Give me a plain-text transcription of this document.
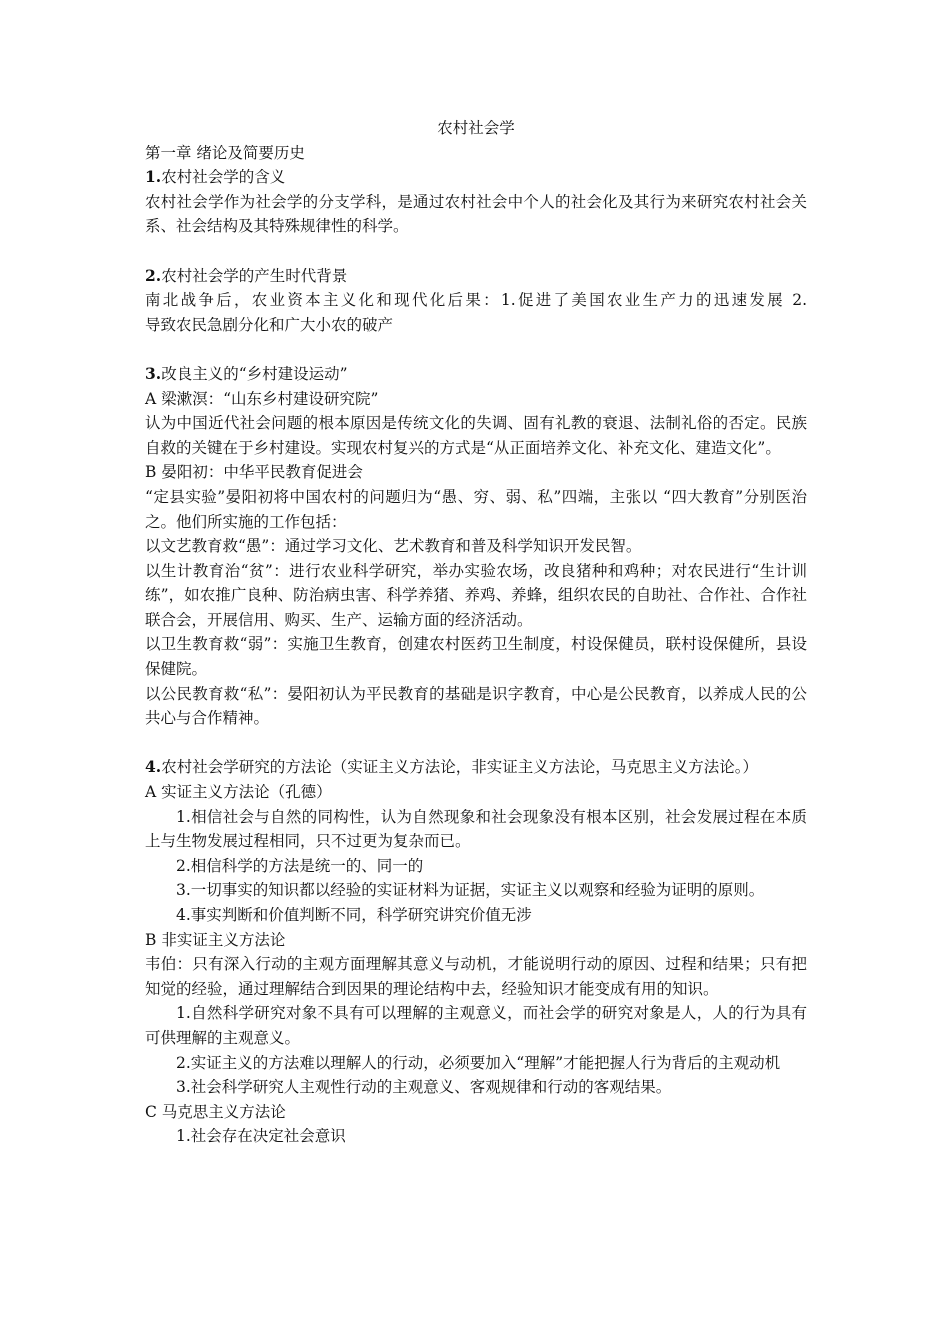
农村社会学

第一章 绪论及简要历史

1.农村社会学的含义

农村社会学作为社会学的分支学科，是通过农村社会中个人的社会化及其行为来研究农村社会关系、社会结构及其特殊规律性的科学。

2.农村社会学的产生时代背景

南北战争后，农业资本主义化和现代化后果：1.促进了美国农业生产力的迅速发展 2.

导致农民急剧分化和广大小农的破产

3.改良主义的“乡村建设运动”

A 梁漱溟：“山东乡村建设研究院”

认为中国近代社会问题的根本原因是传统文化的失调、固有礼教的衰退、法制礼俗的否定。民族自救的关键在于乡村建设。实现农村复兴的方式是“从正面培养文化、补充文化、建造文化”。

B 晏阳初：中华平民教育促进会

“定县实验”晏阳初将中国农村的问题归为“愚、穷、弱、私”四端，主张以 “四大教育”分别医治之。他们所实施的工作包括：

以文艺教育救“愚”：通过学习文化、艺术教育和普及科学知识开发民智。

以生计教育治“贫”：进行农业科学研究，举办实验农场，改良猪种和鸡种；对农民进行“生计训练”，如农推广良种、防治病虫害、科学养猪、养鸡、养蜂，组织农民的自助社、合作社、合作社联合会，开展信用、购买、生产、运输方面的经济活动。

以卫生教育救“弱”：实施卫生教育，创建农村医药卫生制度，村设保健员，联村设保健所，县设保健院。

以公民教育救“私”：晏阳初认为平民教育的基础是识字教育，中心是公民教育，以养成人民的公共心与合作精神。

4.农村社会学研究的方法论（实证主义方法论，非实证主义方法论，马克思主义方法论。）

A 实证主义方法论（孔德）

1.相信社会与自然的同构性，认为自然现象和社会现象没有根本区别，社会发展过程在本质上与生物发展过程相同，只不过更为复杂而已。

2.相信科学的方法是统一的、同一的

3.一切事实的知识都以经验的实证材料为证据，实证主义以观察和经验为证明的原则。

4.事实判断和价值判断不同，科学研究讲究价值无涉

B 非实证主义方法论

韦伯：只有深入行动的主观方面理解其意义与动机，才能说明行动的原因、过程和结果；只有把知觉的经验，通过理解结合到因果的理论结构中去，经验知识才能变成有用的知识。

1.自然科学研究对象不具有可以理解的主观意义，而社会学的研究对象是人，人的行为具有可供理解的主观意义。

2.实证主义的方法难以理解人的行动，必须要加入“理解”才能把握人行为背后的主观动机

3.社会科学研究人主观性行动的主观意义、客观规律和行动的客观结果。

C 马克思主义方法论

1.社会存在决定社会意识
